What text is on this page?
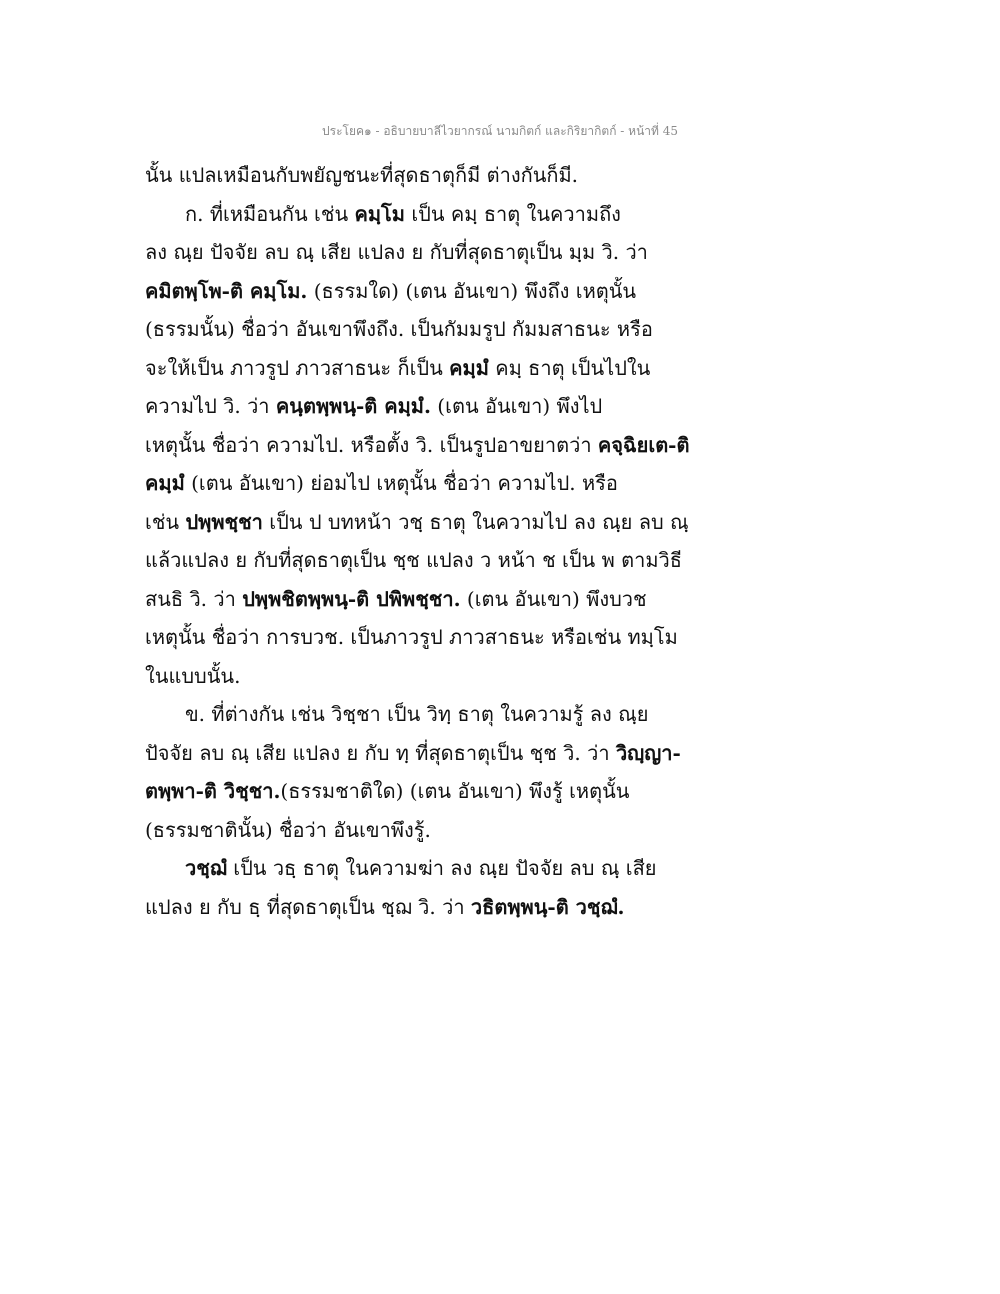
ประโยค๑ - อธิบายบาลีไวยากรณ์ นามกิตก์ และกิริยากิตก์ - หน้าที่ 45
นั้น แปลเหมือนกับพยัญชนะที่สุดธาตุก็มี ต่างกันก็มี.
ก. ที่เหมือนกัน เช่น คมฺโม เป็น คมฺ ธาตุ ในความถึง
ลง ณฺย ปัจจัย ลบ ณฺ เสีย แปลง ย กับที่สุดธาตุเป็น มฺม วิ. ว่า
คมิตพฺโพ-ติ คมฺโม. (ธรรมใด) (เตน อันเขา) พึงถึง เหตุนั้น
(ธรรมนั้น) ชื่อว่า อันเขาพึงถึง. เป็นกัมมรูป กัมมสาธนะ หรือ
จะให้เป็น ภาวรูป ภาวสาธนะ ก็เป็น คมฺมํ คมฺ ธาตุ เป็นไปใน
ความไป วิ. ว่า คนฺตพฺพนฺ-ติ คมฺมํ. (เตน อันเขา) พึงไป
เหตุนั้น ชื่อว่า ความไป. หรือตั้ง วิ. เป็นรูปอาขยาตว่า คจฺฉิยเต-ติ
คมฺมํ (เตน อันเขา) ย่อมไป เหตุนั้น ชื่อว่า ความไป. หรือ
เช่น ปพฺพชฺชา เป็น ป บทหน้า วชฺ ธาตุ ในความไป ลง ณฺย ลบ ณฺ
แล้วแปลง ย กับที่สุดธาตุเป็น ชฺช แปลง ว หน้า ช เป็น พ ตามวิธี
สนธิ วิ. ว่า ปพฺพชิตพฺพนฺ-ติ ปพิพชฺชา. (เตน อันเขา) พึงบวช
เหตุนั้น ชื่อว่า การบวช. เป็นภาวรูป ภาวสาธนะ หรือเช่น ทมฺโม
ในแบบนั้น.
ข. ที่ต่างกัน เช่น วิชฺชา เป็น วิทฺ ธาตุ ในความรู้ ลง ณฺย
ปัจจัย ลบ ณฺ เสีย แปลง ย กับ ทฺ ที่สุดธาตุเป็น ชฺช วิ. ว่า วิญฺญา-
ตพฺพา-ติ วิชฺชา.(ธรรมชาติใด) (เตน อันเขา) พึงรู้ เหตุนั้น
(ธรรมชาตินั้น) ชื่อว่า อันเขาพึงรู้.
วชฺฌํ เป็น วธฺ ธาตุ ในความฆ่า ลง ณฺย ปัจจัย ลบ ณฺ เสีย
แปลง ย กับ ธฺ ที่สุดธาตุเป็น ชฺฌ วิ. ว่า วธิตพฺพนฺ-ติ วชฺฌํ.
